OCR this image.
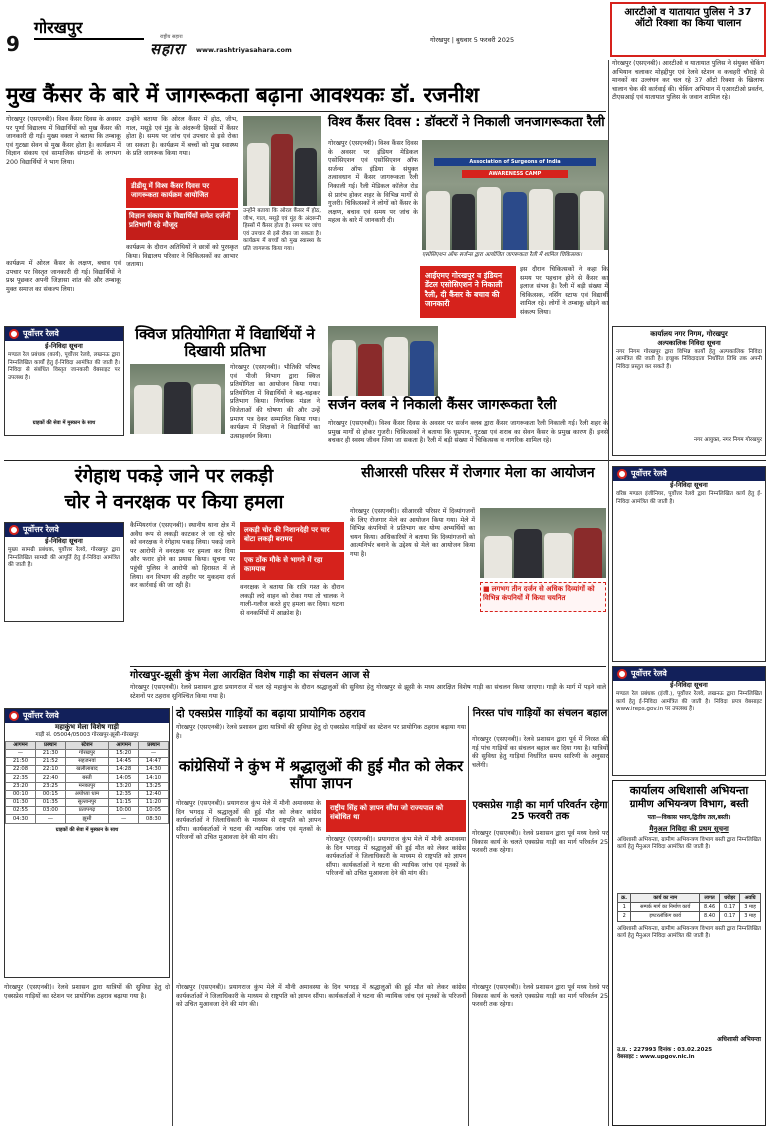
9
गोरखपुर
सहारा
राष्ट्रीय सहारा	गोरखपुर | बुधवार 5 फरवरी 2025
www.rashtriyasahara.com
आरटीओ व यातायात पुलिस ने 37 ऑटो रिक्शा का किया चालान
गोरखपुर (एसएनबी)। आरटीओ व यातायात पुलिस ने संयुक्त चेकिंग अभियान चलाकर मोहद्दीपुर एवं रेलवे स्टेशन व कचहरी चौराहे से मानकों का उल्लंघन कर चल रहे 37 ऑटो रिक्शा के खिलाफ चालान चेक की कार्रवाई की। चेकिंग अभियान में एआरटीओ प्रवर्तन, टीएसआई एवं यातायात पुलिस के जवान शामिल रहे।
मुख कैंसर के बारे में जागरूकता बढ़ाना आवश्यकः डॉ. रजनीश
गोरखपुर (एसएनबी)। विश्व कैंसर दिवस के अवसर पर पूर्णा विद्यालय में विद्यार्थियों को मुख कैंसर की जानकारी दी गई। मुख्य वक्ता ने बताया कि तम्बाकू एवं गुटखा सेवन से मुख कैंसर होता है। कार्यक्रम में विज्ञान संकाय एवं सामाजिक संगठनों के लगभग 200 विद्यार्थियों ने भाग लिया।
उन्होंने बताया कि ओरल कैंसर में होठ, जीभ, गाल, मसूड़े एवं मुंह के अंदरूनी हिस्सों में कैंसर होता है। समय पर जांच एवं उपचार से इसे रोका जा सकता है। कार्यक्रम में बच्चों को मुख स्वास्थ्य के प्रति जागरूक किया गया।
कार्यक्रम में ओरल कैंसर के लक्षण, बचाव एवं उपचार पर विस्तृत जानकारी दी गई। विद्यार्थियों ने प्रश्न पूछकर अपनी जिज्ञासा शांत की और तम्बाकू मुक्त समाज का संकल्प लिया।
डीडीयू में विश्व कैंसर दिवस पर जागरूकता कार्यक्रम आयोजित
विज्ञान संकाय के विद्यार्थियों समेत दर्जनों प्रतिभागी रहे मौजूद
कार्यक्रम के दौरान अतिथियों ने छात्रों को पुरस्कृत किया। विद्यालय परिवार ने चिकित्सकों का आभार जताया।
उन्होंने बताया कि ओरल कैंसर में होठ, जीभ, गाल, मसूड़े एवं मुंह के अंदरूनी हिस्सों में कैंसर होता है। समय पर जांच एवं उपचार से इसे रोका जा सकता है। कार्यक्रम में बच्चों को मुख स्वास्थ्य के प्रति जागरूक किया गया।
विश्व कैंसर दिवस : डॉक्टरों ने निकाली जनजागरूकता रैली
गोरखपुर (एसएनबी)। विश्व कैंसर दिवस के अवसर पर इंडियन मेडिकल एसोसिएशन एवं एसोसिएशन ऑफ सर्जन्स ऑफ इंडिया के संयुक्त तत्वावधान में कैंसर जागरूकता रैली निकाली गई। रैली मेडिकल कॉलेज रोड से प्रारंभ होकर शहर के विभिन्न मार्गों से गुजरी। चिकित्सकों ने लोगों को कैंसर के लक्षण, बचाव एवं समय पर जांच के महत्व के बारे में जानकारी दी।
Association of Surgeons of India
AWARENESS CAMP
एसोसिएशन ऑफ सर्जन्स द्वारा आयोजित जागरूकता रैली में शामिल चिकित्सक।
आईएमए गोरखपुर व इंडियन डेंटल एसोसिएशन ने निकाली रैली, दी कैंसर के बचाव की जानकारी
इस दौरान चिकित्सकों ने कहा कि समय पर पहचान होने से कैंसर का इलाज संभव है। रैली में बड़ी संख्या में चिकित्सक, नर्सिंग स्टाफ एवं विद्यार्थी शामिल रहे। लोगों ने तम्बाकू छोड़ने का संकल्प लिया।
पूर्वोत्तर रेलवे
ई-निविदा सूचना
मण्डल रेल प्रबंधक (कार्य), पूर्वोत्तर रेलवे, लखनऊ द्वारा निम्नलिखित कार्यों हेतु ई-निविदा आमंत्रित की जाती है। निविदा से संबंधित विस्तृत जानकारी वेबसाइट पर उपलब्ध है।
ग्राहकों की सेवा में मुस्कान के साथ
क्विज प्रतियोगिता में विद्यार्थियों ने दिखायी प्रतिभा
गोरखपुर (एसएनबी)। भौतिकी परिषद एवं पीजी विभाग द्वारा क्विज प्रतियोगिता का आयोजन किया गया। प्रतियोगिता में विद्यार्थियों ने बढ़-चढ़कर प्रतिभाग किया। निर्णायक मंडल ने विजेताओं की घोषणा की और उन्हें प्रमाण पत्र देकर सम्मानित किया गया। कार्यक्रम में शिक्षकों ने विद्यार्थियों का उत्साहवर्धन किया।
सर्जन क्लब ने निकाली कैंसर जागरूकता रैली
गोरखपुर (एसएनबी)। विश्व कैंसर दिवस के अवसर पर सर्जन क्लब द्वारा कैंसर जागरूकता रैली निकाली गई। रैली शहर के प्रमुख मार्गों से होकर गुजरी। चिकित्सकों ने बताया कि धूम्रपान, गुटखा एवं शराब का सेवन कैंसर के प्रमुख कारण हैं। इनसे बचकर ही स्वस्थ जीवन जिया जा सकता है। रैली में बड़ी संख्या में चिकित्सक व नागरिक शामिल रहे।
कार्यालय नगर निगम, गोरखपुर
अल्पकालिक निविदा सूचना
नगर निगम गोरखपुर द्वारा विभिन्न कार्यों हेतु अल्पकालिक निविदा आमंत्रित की जाती है। इच्छुक निविदादाता निर्धारित तिथि तक अपनी निविदा प्रस्तुत कर सकते हैं।
नगर आयुक्त, नगर निगम गोरखपुर
रंगेहाथ पकड़े जाने पर लकड़ी
चोर ने वनरक्षक पर किया हमला
पूर्वोत्तर रेलवे
ई-निविदा सूचना
मुख्य सामग्री प्रबंधक, पूर्वोत्तर रेलवे, गोरखपुर द्वारा निम्नलिखित सामग्री की आपूर्ति हेतु ई-निविदा आमंत्रित की जाती है।
कैम्पियरगंज (एसएनबी)। स्थानीय थाना क्षेत्र में अवैध रूप से लकड़ी काटकर ले जा रहे चोर को वनरक्षक ने रंगेहाथ पकड़ लिया। पकड़े जाने पर आरोपी ने वनरक्षक पर हमला कर दिया और फरार होने का प्रयास किया। सूचना पर पहुंची पुलिस ने आरोपी को हिरासत में ले लिया। वन विभाग की तहरीर पर मुकदमा दर्ज कर कार्रवाई की जा रही है।
लकड़ी चोर की निशानदेही पर चार बोटा लकड़ी बरामद
एक ठोंक मौके से भागने में रहा कामयाब
वनरक्षक ने बताया कि रात्रि गश्त के दौरान लकड़ी लदे वाहन को रोका गया तो चालक ने गाली-गलौज करते हुए हमला कर दिया। घटना से वनकर्मियों में आक्रोश है।
सीआरसी परिसर में रोजगार मेला का आयोजन
गोरखपुर (एसएनबी)। सीआरसी परिसर में दिव्यांगजनों के लिए रोजगार मेले का आयोजन किया गया। मेले में विभिन्न कंपनियों ने प्रतिभाग कर योग्य अभ्यर्थियों का चयन किया। अधिकारियों ने बताया कि दिव्यांगजनों को आत्मनिर्भर बनाने के उद्देश्य से मेले का आयोजन किया गया है।
■ लगभग तीन दर्जन से अधिक दिव्यांगों को विभिन्न कंपनियों में किया चयनित
पूर्वोत्तर रेलवे
ई-निविदा सूचना
वरिष्ठ मण्डल इंजीनियर, पूर्वोत्तर रेलवे द्वारा निम्नलिखित कार्य हेतु ई-निविदा आमंत्रित की जाती है।
गोरखपुर-झूसी कुंभ मेला आरक्षित विशेष गाड़ी का संचलन आज से
गोरखपुर (एसएनबी)। रेलवे प्रशासन द्वारा प्रयागराज में चल रहे महाकुंभ के दौरान श्रद्धालुओं की सुविधा हेतु गोरखपुर से झूसी के मध्य आरक्षित विशेष गाड़ी का संचलन किया जाएगा। गाड़ी के मार्ग में पड़ने वाले स्टेशनों पर ठहराव सुनिश्चित किया गया है।
पूर्वोत्तर रेलवे
महाकुंभ मेला विशेष गाड़ी
गाड़ी सं. 05004/05003 गोरखपुर-झूसी-गोरखपुर
आगमन	प्रस्थान	स्टेशन	आगमन	प्रस्थान
—	21:30	गोरखपुर	15:20	—
21:50	21:52	सहजनवां	14:45	14:47
22:08	22:10	खलीलाबाद	14:28	14:30
22:35	22:40	बस्ती	14:05	14:10
23:20	23:25	मनकापुर	13:20	13:25
00:10	00:15	अयोध्या धाम	12:35	12:40
01:30	01:35	सुल्तानपुर	11:15	11:20
02:55	03:00	प्रतापगढ़	10:00	10:05
04:30	—	झूसी	—	08:30
ग्राहकों की सेवा में मुस्कान के साथ
दो एक्सप्रेस गाड़ियों का बढ़ाया प्रायोगिक ठहराव
गोरखपुर (एसएनबी)। रेलवे प्रशासन द्वारा यात्रियों की सुविधा हेतु दो एक्सप्रेस गाड़ियों का स्टेशन पर प्रायोगिक ठहराव बढ़ाया गया है।
कांग्रेसियों ने कुंभ में श्रद्धालुओं की हुई मौत को लेकर सौंपा ज्ञापन
गोरखपुर (एसएनबी)। प्रयागराज कुंभ मेले में मौनी अमावस्या के दिन भगदड़ में श्रद्धालुओं की हुई मौत को लेकर कांग्रेस कार्यकर्ताओं ने जिलाधिकारी के माध्यम से राष्ट्रपति को ज्ञापन सौंपा। कार्यकर्ताओं ने घटना की न्यायिक जांच एवं मृतकों के परिजनों को उचित मुआवजा देने की मांग की।
राष्ट्रीय सिंह को ज्ञापन सौंपा जो राज्यपाल को संबोधित था
गोरखपुर (एसएनबी)। प्रयागराज कुंभ मेले में मौनी अमावस्या के दिन भगदड़ में श्रद्धालुओं की हुई मौत को लेकर कांग्रेस कार्यकर्ताओं ने जिलाधिकारी के माध्यम से राष्ट्रपति को ज्ञापन सौंपा। कार्यकर्ताओं ने घटना की न्यायिक जांच एवं मृतकों के परिजनों को उचित मुआवजा देने की मांग की।
निरस्त पांच गाड़ियों का संचलन बहाल
गोरखपुर (एसएनबी)। रेलवे प्रशासन द्वारा पूर्व में निरस्त की गई पांच गाड़ियों का संचलन बहाल कर दिया गया है। यात्रियों की सुविधा हेतु गाड़ियां निर्धारित समय सारिणी के अनुसार चलेंगी।
एक्सप्रेस गाड़ी का मार्ग परिवर्तन रहेगा 25 फरवरी तक
गोरखपुर (एसएनबी)। रेलवे प्रशासन द्वारा पूर्व मध्य रेलवे पर विकास कार्य के चलते एक्सप्रेस गाड़ी का मार्ग परिवर्तन 25 फरवरी तक रहेगा।
पूर्वोत्तर रेलवे
ई-निविदा सूचना
मण्डल रेल प्रबंधक (इंजी.), पूर्वोत्तर रेलवे, लखनऊ द्वारा निम्नलिखित कार्य हेतु ई-निविदा आमंत्रित की जाती है। निविदा प्रपत्र वेबसाइट www.ireps.gov.in पर उपलब्ध है।
कार्यालय अधिशासी अभियन्ता
ग्रामीण अभियन्त्रण विभाग, बस्ती
पता—विकास भवन,द्वितीय तल,बस्ती।
मैनुअल निविदा की प्रथम सूचना
अधिशासी अभियन्ता, ग्रामीण अभियन्त्रण विभाग बस्ती द्वारा निम्नलिखित कार्य हेतु मैनुअल निविदा आमंत्रित की जाती है।
क्र.	कार्य का नाम	लागत	धरोहर	अवधि
1	सम्पर्क मार्ग का निर्माण कार्य	8.46	0.17	3 माह
2	इण्टरलॉकिंग कार्य	8.40	0.17	3 माह
अधिशासी अभियन्ता, ग्रामीण अभियन्त्रण विभाग बस्ती द्वारा निम्नलिखित कार्य हेतु मैनुअल निविदा आमंत्रित की जाती है।
अधिशासी अभियन्ता
उ.प्र. : 227993 दिनांक : 03.02.2025
वेबसाइट : www.upgov.nic.in
गोरखपुर (एसएनबी)। रेलवे प्रशासन द्वारा यात्रियों की सुविधा हेतु दो एक्सप्रेस गाड़ियों का स्टेशन पर प्रायोगिक ठहराव बढ़ाया गया है।
गोरखपुर (एसएनबी)। प्रयागराज कुंभ मेले में मौनी अमावस्या के दिन भगदड़ में श्रद्धालुओं की हुई मौत को लेकर कांग्रेस कार्यकर्ताओं ने जिलाधिकारी के माध्यम से राष्ट्रपति को ज्ञापन सौंपा। कार्यकर्ताओं ने घटना की न्यायिक जांच एवं मृतकों के परिजनों को उचित मुआवजा देने की मांग की।
गोरखपुर (एसएनबी)। रेलवे प्रशासन द्वारा पूर्व मध्य रेलवे पर विकास कार्य के चलते एक्सप्रेस गाड़ी का मार्ग परिवर्तन 25 फरवरी तक रहेगा।
